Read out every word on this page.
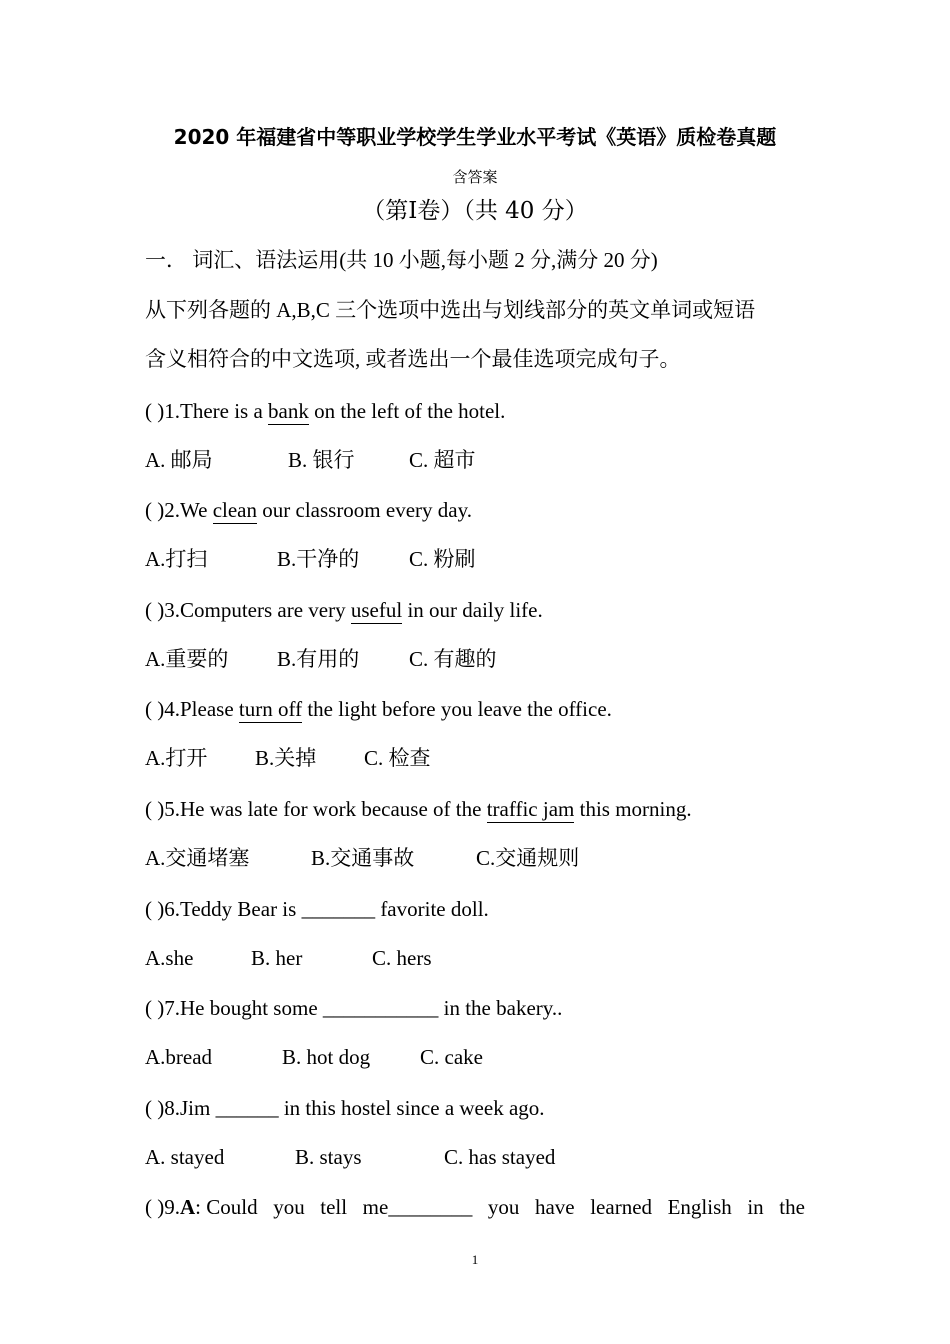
2020 年福建省中等职业学校学生学业水平考试《英语》质检卷真题
含答案
（第Ⅰ卷）（共 40 分）
一． 词汇、语法运用(共 10 小题,每小题 2 分,满分 20 分)
从下列各题的 A,B,C 三个选项中选出与划线部分的英文单词或短语
含义相符合的中文选项, 或者选出一个最佳选项完成句子。
( )1.There is a bank on the left of the hotel.
A. 邮局	B. 银行	C. 超市
( )2.We clean our classroom every day.
A.打扫	B.干净的 C. 粉刷
( )3.Computers are very useful in our daily life.
A.重要的 B.有用的 C. 有趣的
( )4.Please turn off the light before you leave the office.
A.打开 B.关掉 C. 检查
( )5.He was late for work because of the traffic jam this morning.
A.交通堵塞	B.交通事故	C.交通规则
( )6.Teddy Bear is _______ favorite doll.
A.she	B. her	C. hers
( )7.He bought some ___________ in the bakery..
A.bread	B. hot dog C. cake
( )8.Jim ______ in this hostel since a week ago.
A. stayed	B. stays	C. has stayed
( )9.A: Could you tell me________ you have learned English in the
1
